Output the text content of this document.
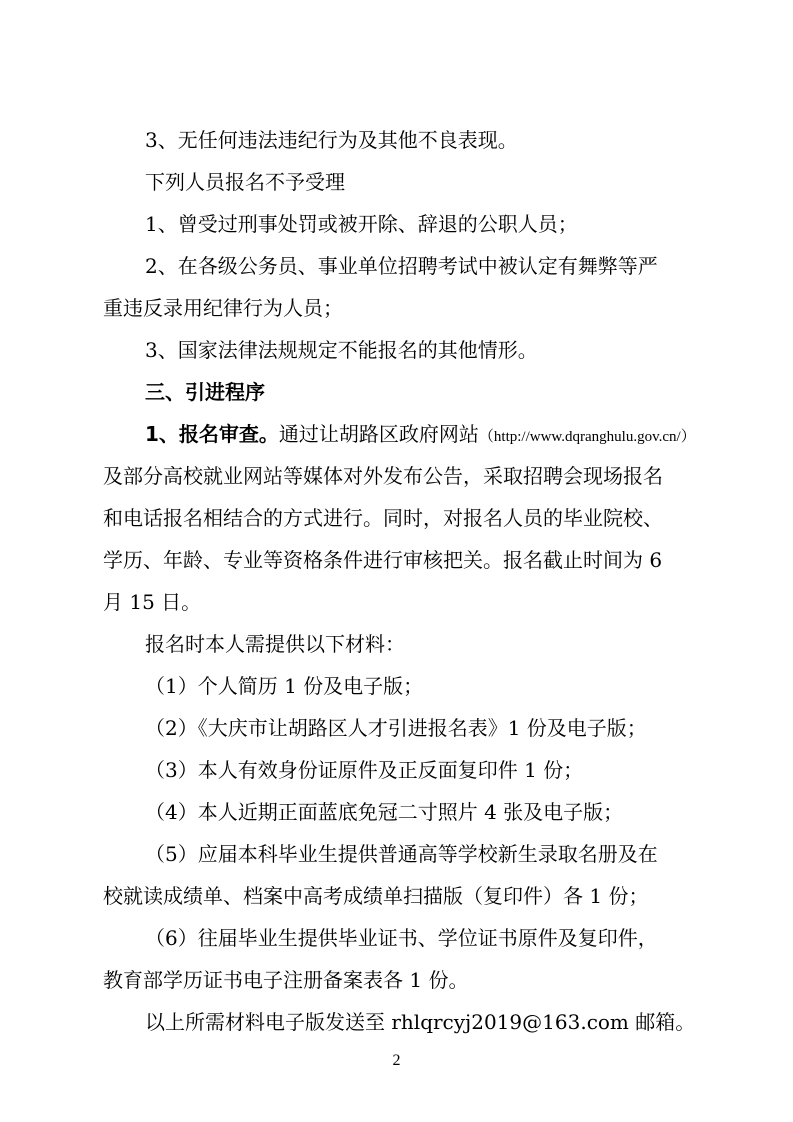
3、无任何违法违纪行为及其他不良表现。
下列人员报名不予受理
1、曾受过刑事处罚或被开除、辞退的公职人员；
2、在各级公务员、事业单位招聘考试中被认定有舞弊等严
重违反录用纪律行为人员；
3、国家法律法规规定不能报名的其他情形。
三、引进程序
1、报名审查。通过让胡路区政府网站（http://www.dqranghulu.gov.cn/）
及部分高校就业网站等媒体对外发布公告，采取招聘会现场报名
和电话报名相结合的方式进行。同时，对报名人员的毕业院校、
学历、年龄、专业等资格条件进行审核把关。报名截止时间为 6
月 15 日。
报名时本人需提供以下材料：
（1）个人简历 1 份及电子版；
（2）《大庆市让胡路区人才引进报名表》1 份及电子版；
（3）本人有效身份证原件及正反面复印件 1 份；
（4）本人近期正面蓝底免冠二寸照片 4 张及电子版；
（5）应届本科毕业生提供普通高等学校新生录取名册及在
校就读成绩单、档案中高考成绩单扫描版（复印件）各 1 份；
（6）往届毕业生提供毕业证书、学位证书原件及复印件，
教育部学历证书电子注册备案表各 1 份。
以上所需材料电子版发送至 rhlqrcyj2019@163.com 邮箱。
2
